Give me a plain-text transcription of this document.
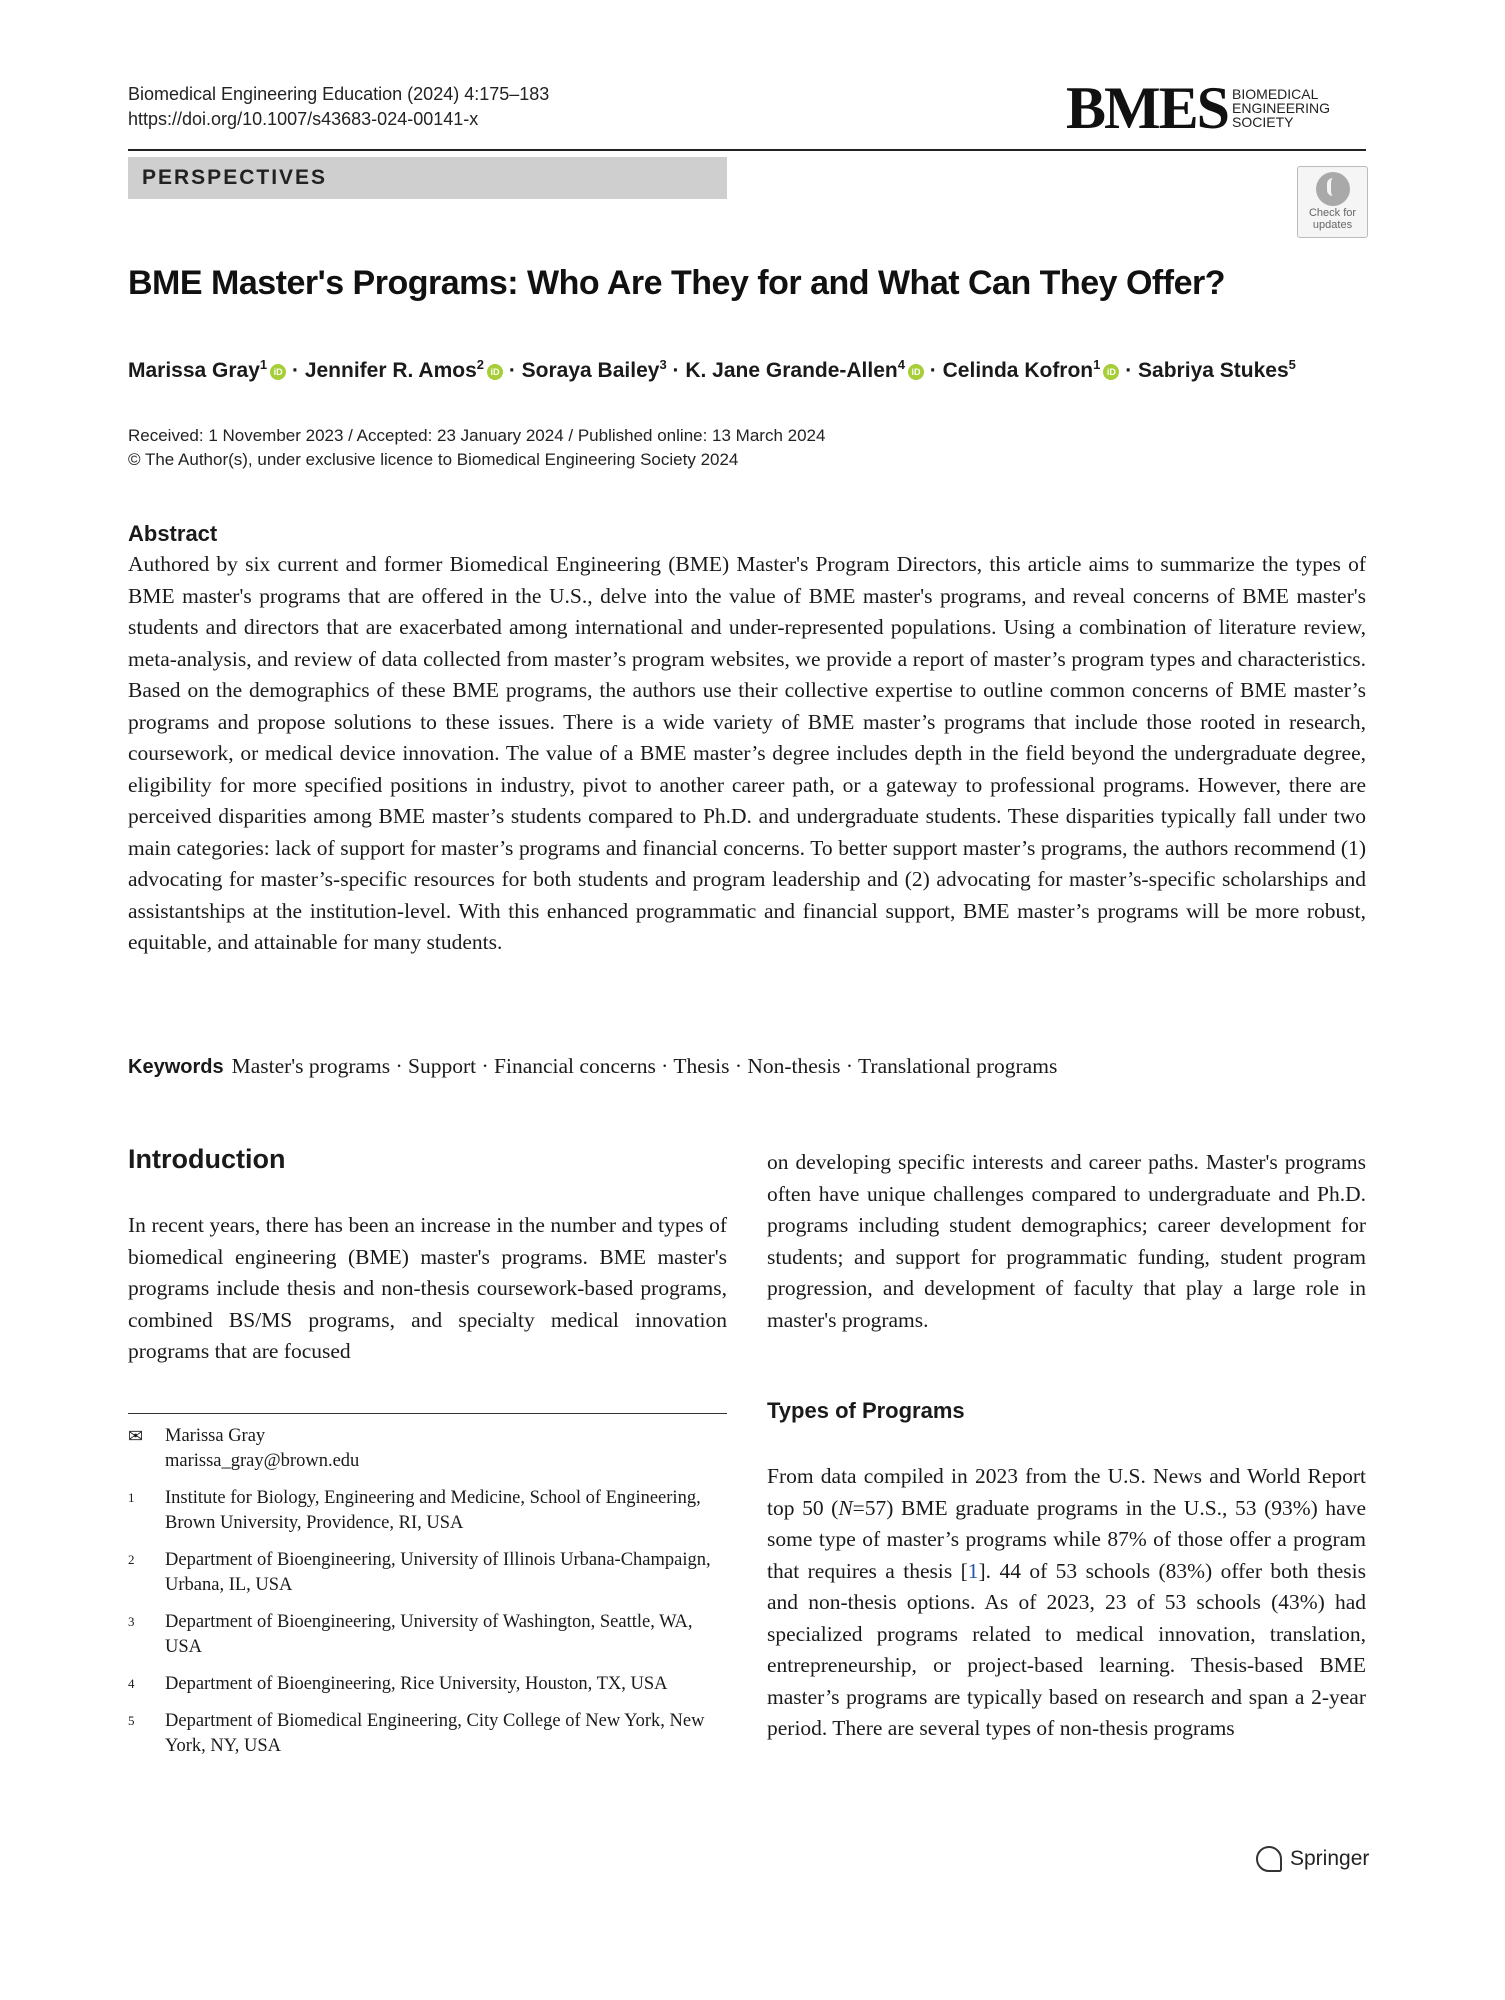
Biomedical Engineering Education (2024) 4:175–183
https://doi.org/10.1007/s43683-024-00141-x	BMES BIOMEDICAL
ENGINEERING
SOCIETY
PERSPECTIVES
Check for
updates
BME Master's Programs: Who Are They for and What Can They Offer?
Marissa Gray$^1$ iD · Jennifer R. Amos$^2$ iD · Soraya Bailey$^3$ · K. Jane Grande-Allen$^4$ iD · Celinda Kofron$^1$ iD · Sabriya Stukes$^5$
Received: 1 November 2023 / Accepted: 23 January 2024 / Published online: 13 March 2024
© The Author(s), under exclusive licence to Biomedical Engineering Society 2024
Abstract
Authored by six current and former Biomedical Engineering (BME) Master's Program Directors, this article aims to summarize the types of BME master's programs that are offered in the U.S., delve into the value of BME master's programs, and reveal concerns of BME master's students and directors that are exacerbated among international and under-represented populations. Using a combination of literature review, meta-analysis, and review of data collected from master’s program websites, we provide a report of master’s program types and characteristics. Based on the demographics of these BME programs, the authors use their collective expertise to outline common concerns of BME master’s programs and propose solutions to these issues. There is a wide variety of BME master’s programs that include those rooted in research, coursework, or medical device innovation. The value of a BME master’s degree includes depth in the field beyond the undergraduate degree, eligibility for more specified positions in industry, pivot to another career path, or a gateway to professional programs. However, there are perceived disparities among BME master’s students compared to Ph.D. and undergraduate students. These disparities typically fall under two main categories: lack of support for master’s programs and financial concerns. To better support master’s programs, the authors recommend (1) advocating for master’s-specific resources for both students and program leadership and (2) advocating for master’s-specific scholarships and assistantships at the institution-level. With this enhanced programmatic and financial support, BME master’s programs will be more robust, equitable, and attainable for many students.
Keywords Master's programs · Support · Financial concerns · Thesis · Non-thesis · Translational programs
Introduction

In recent years, there has been an increase in the number and types of biomedical engineering (BME) master's programs. BME master's programs include thesis and non-thesis coursework-based programs, combined BS/MS programs, and specialty medical innovation programs that are focused

on developing specific interests and career paths. Master's programs often have unique challenges compared to undergraduate and Ph.D. programs including student demographics; career development for students; and support for programmatic funding, student program progression, and development of faculty that play a large role in master's programs.

Types of Programs

From data compiled in 2023 from the U.S. News and World Report top 50 (N=57) BME graduate programs in the U.S., 53 (93%) have some type of master’s programs while 87% of those offer a program that requires a thesis [1]. 44 of 53 schools (83%) offer both thesis and non-thesis options. As of 2023, 23 of 53 schools (43%) had specialized programs related to medical innovation, translation, entrepreneurship, or project-based learning. Thesis-based BME master’s programs are typically based on research and span a 2-year period. There are several types of non-thesis programs

✉	Marissa Gray
marissa_gray@brown.edu
1	Institute for Biology, Engineering and Medicine, School of Engineering, Brown University, Providence, RI, USA
2	Department of Bioengineering, University of Illinois Urbana-Champaign, Urbana, IL, USA
3	Department of Bioengineering, University of Washington, Seattle, WA, USA
4	Department of Bioengineering, Rice University, Houston, TX, USA
5	Department of Biomedical Engineering, City College of New York, New York, NY, USA
Springer
